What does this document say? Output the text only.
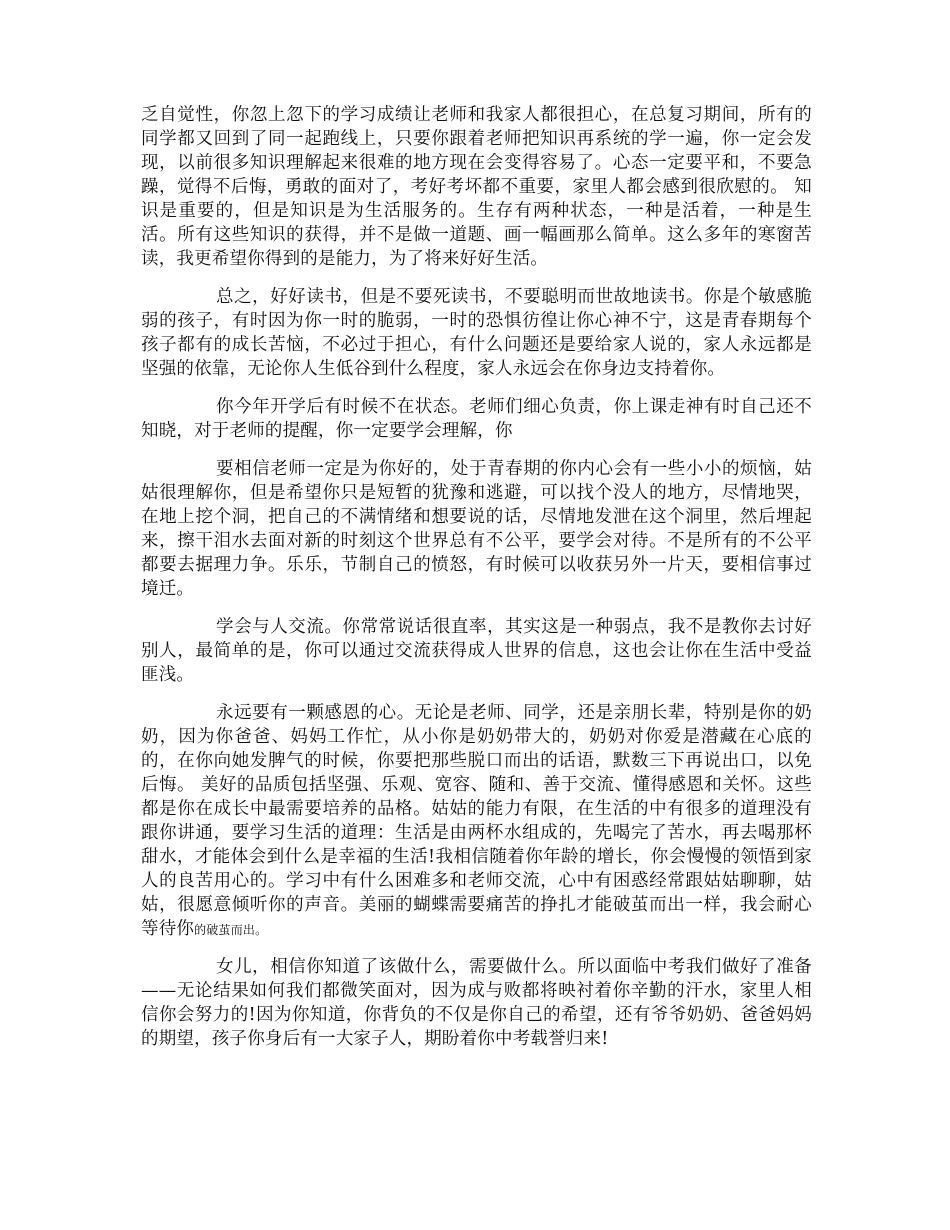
乏自觉性，你忽上忽下的学习成绩让老师和我家人都很担心，在总复习期间，所有的同学都又回到了同一起跑线上，只要你跟着老师把知识再系统的学一遍，你一定会发现，以前很多知识理解起来很难的地方现在会变得容易了。心态一定要平和，不要急躁，觉得不后悔，勇敢的面对了，考好考坏都不重要，家里人都会感到很欣慰的。 知识是重要的，但是知识是为生活服务的。生存有两种状态，一种是活着，一种是生活。所有这些知识的获得，并不是做一道题、画一幅画那么简单。这么多年的寒窗苦读，我更希望你得到的是能力，为了将来好好生活。

总之，好好读书，但是不要死读书，不要聪明而世故地读书。你是个敏感脆弱的孩子，有时因为你一时的脆弱，一时的恐惧彷徨让你心神不宁，这是青春期每个孩子都有的成长苦恼，不必过于担心，有什么问题还是要给家人说的，家人永远都是坚强的依靠，无论你人生低谷到什么程度，家人永远会在你身边支持着你。

你今年开学后有时候不在状态。老师们细心负责，你上课走神有时自己还不知晓，对于老师的提醒，你一定要学会理解，你

要相信老师一定是为你好的，处于青春期的你内心会有一些小小的烦恼，姑姑很理解你，但是希望你只是短暂的犹豫和逃避，可以找个没人的地方，尽情地哭，在地上挖个洞，把自己的不满情绪和想要说的话，尽情地发泄在这个洞里，然后埋起来，擦干泪水去面对新的时刻这个世界总有不公平，要学会对待。不是所有的不公平都要去据理力争。乐乐，节制自己的愤怒，有时候可以收获另外一片天，要相信事过境迁。

学会与人交流。你常常说话很直率，其实这是一种弱点，我不是教你去讨好别人，最简单的是，你可以通过交流获得成人世界的信息，这也会让你在生活中受益匪浅。

永远要有一颗感恩的心。无论是老师、同学，还是亲朋长辈，特别是你的奶奶，因为你爸爸、妈妈工作忙，从小你是奶奶带大的，奶奶对你爱是潜藏在心底的的，在你向她发脾气的时候，你要把那些脱口而出的话语，默数三下再说出口，以免后悔。 美好的品质包括坚强、乐观、宽容、随和、善于交流、懂得感恩和关怀。这些都是你在成长中最需要培养的品格。姑姑的能力有限，在生活的中有很多的道理没有跟你讲通，要学习生活的道理：生活是由两杯水组成的，先喝完了苦水，再去喝那杯甜水，才能体会到什么是幸福的生活!我相信随着你年龄的增长，你会慢慢的领悟到家人的良苦用心的。学习中有什么困难多和老师交流，心中有困惑经常跟姑姑聊聊，姑姑，很愿意倾听你的声音。美丽的蝴蝶需要痛苦的挣扎才能破茧而出一样，我会耐心等待你的破茧而出。

女儿，相信你知道了该做什么，需要做什么。所以面临中考我们做好了准备——无论结果如何我们都微笑面对，因为成与败都将映衬着你辛勤的汗水，家里人相信你会努力的!因为你知道，你背负的不仅是你自己的希望，还有爷爷奶奶、爸爸妈妈的期望，孩子你身后有一大家子人，期盼着你中考载誉归来!
